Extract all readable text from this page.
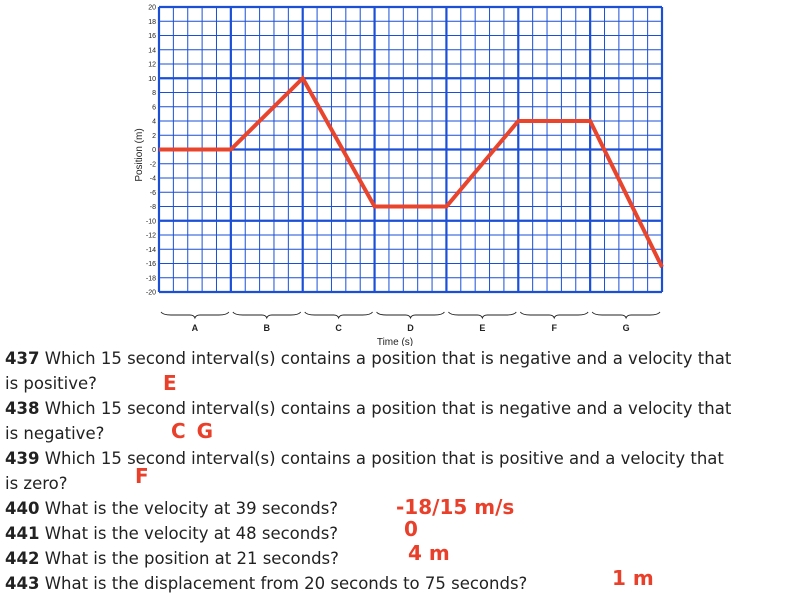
20
18
16
14
12
10
8
6
4
2
0
-2
-4
-6
-8
-10
-12
-14
-16
-18
-20
Position (m)
A	B	C	D	E	F	G
Time (s)
437 Which 15 second interval(s) contains a position that is negative and a velocity that
is positive?	E
438 Which 15 second interval(s) contains a position that is negative and a velocity that
is negative?	C G
439 Which 15 second interval(s) contains a position that is positive and a velocity that
is zero?	F
440 What is the velocity at 39 seconds?	-18/15 m/s
441 What is the velocity at 48 seconds?	0
442 What is the position at 21 seconds?	4 m
443 What is the displacement from 20 seconds to 75 seconds?	1 m
